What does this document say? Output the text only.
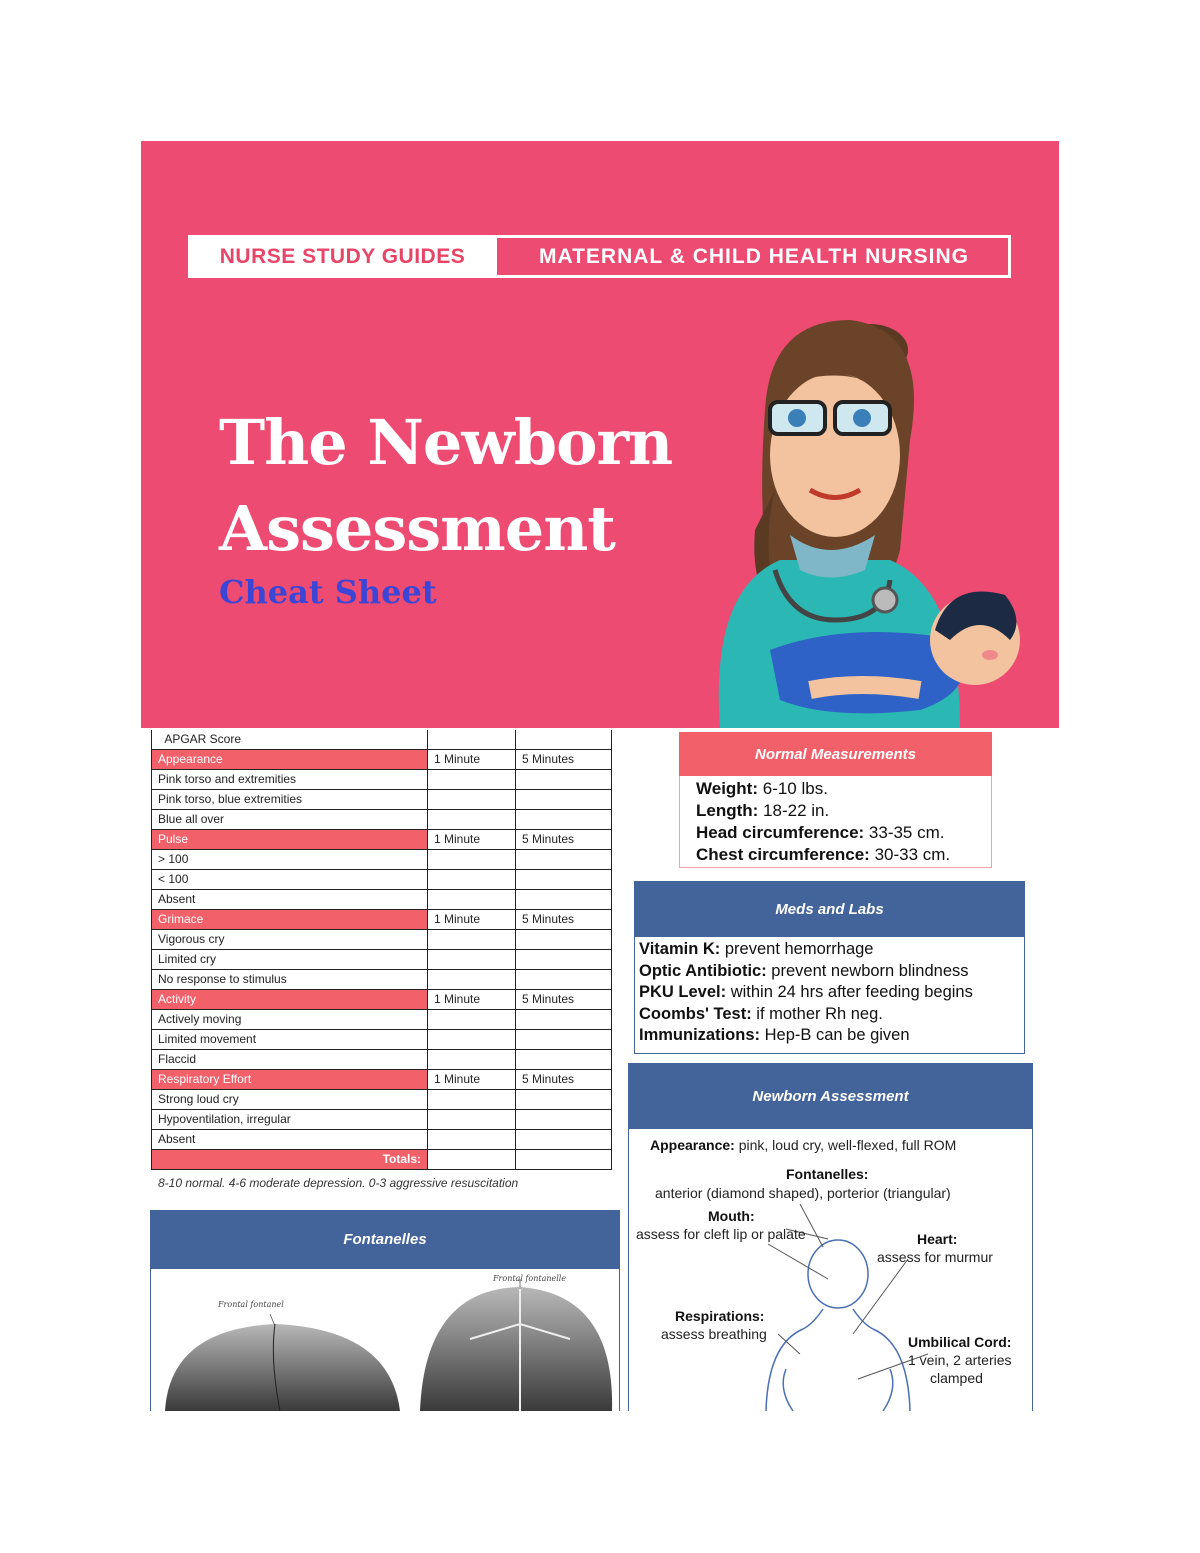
NURSE STUDY GUIDES	MATERNAL & CHILD HEALTH NURSING
The Newborn
Assessment
Cheat Sheet
APGAR Score		
Appearance	1 Minute	5 Minutes
Pink torso and extremities			
Pink torso, blue extremities			
Blue all over			
Pulse	1 Minute	5 Minutes
> 100			
< 100			
Absent			
Grimace	1 Minute	5 Minutes
Vigorous cry			
Limited cry			
No response to stimulus			
Activity	1 Minute	5 Minutes
Actively moving			
Limited movement			
Flaccid			
Respiratory Effort	1 Minute	5 Minutes
Strong loud cry			
Hypoventilation, irregular			
Absent			
Totals:		
8-10 normal. 4-6 moderate depression. 0-3 aggressive resuscitation
Normal Measurements
Weight: 6-10 lbs.
Length: 18-22 in.
Head circumference: 33-35 cm.
Chest circumference: 30-33 cm.
Meds and Labs
Vitamin K: prevent hemorrhage
Optic Antibiotic: prevent newborn blindness
PKU Level: within 24 hrs after feeding begins
Coombs' Test: if mother Rh neg.
Immunizations: Hep-B can be given
Newborn Assessment
Appearance: pink, loud cry, well-flexed, full ROM
Fontanelles:
anterior (diamond shaped), porterior (triangular)
Mouth:
assess for cleft lip or palate	Heart:
assess for murmur
Respirations:
assess breathing	Umbilical Cord:
1 vein, 2 arteries
clamped
Fontanelles
Frontal fontanel
Frontal fontanelle
